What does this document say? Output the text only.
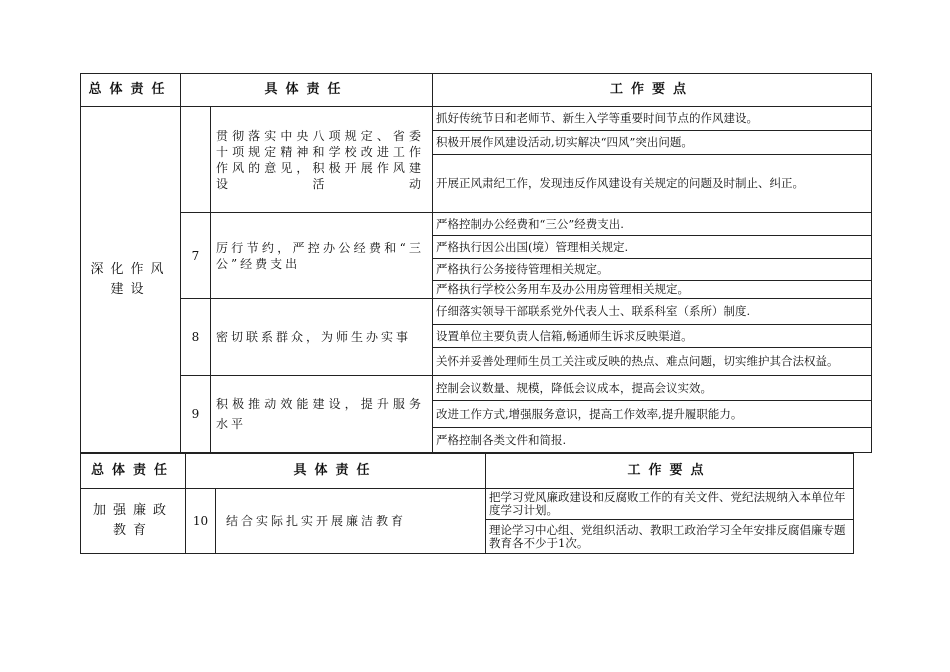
总体责任	具体责任		工作要点
深化作风建设		贯彻落实中央八项规定、省委十项规定精神和学校改进工作作风的意见，积极开展作风建设活动	抓好传统节日和老师节、新生入学等重要时间节点的作风建设。
			积极开展作风建设活动,切实解决“四风”突出问题。
			开展正风肃纪工作，发现违反作风建设有关规定的问题及时制止、纠正。
	7	厉行节约，严控办公经费和“三公”经费支出	严格控制办公经费和“三公”经费支出.
			严格执行因公出国(境）管理相关规定.
			严格执行公务接待管理相关规定。
			严格执行学校公务用车及办公用房管理相关规定。
	8	密切联系群众，为师生办实事	仔细落实领导干部联系党外代表人士、联系科室（系所）制度.
			设置单位主要负责人信箱,畅通师生诉求反映渠道。
			关怀并妥善处理师生员工关注或反映的热点、难点问题，切实维护其合法权益。
	9	积极推动效能建设，提升服务水平	控制会议数量、规模，降低会议成本，提高会议实效。
			改进工作方式,增强服务意识，提高工作效率,提升履职能力。
			严格控制各类文件和简报.
总体责任	具体责任		工作要点
加强廉政教育	10	结合实际扎实开展廉洁教育	把学习党风廉政建设和反腐败工作的有关文件、党纪法规纳入本单位年度学习计划。
			理论学习中心组、党组织活动、教职工政治学习全年安排反腐倡廉专题教育各不少于1次。
